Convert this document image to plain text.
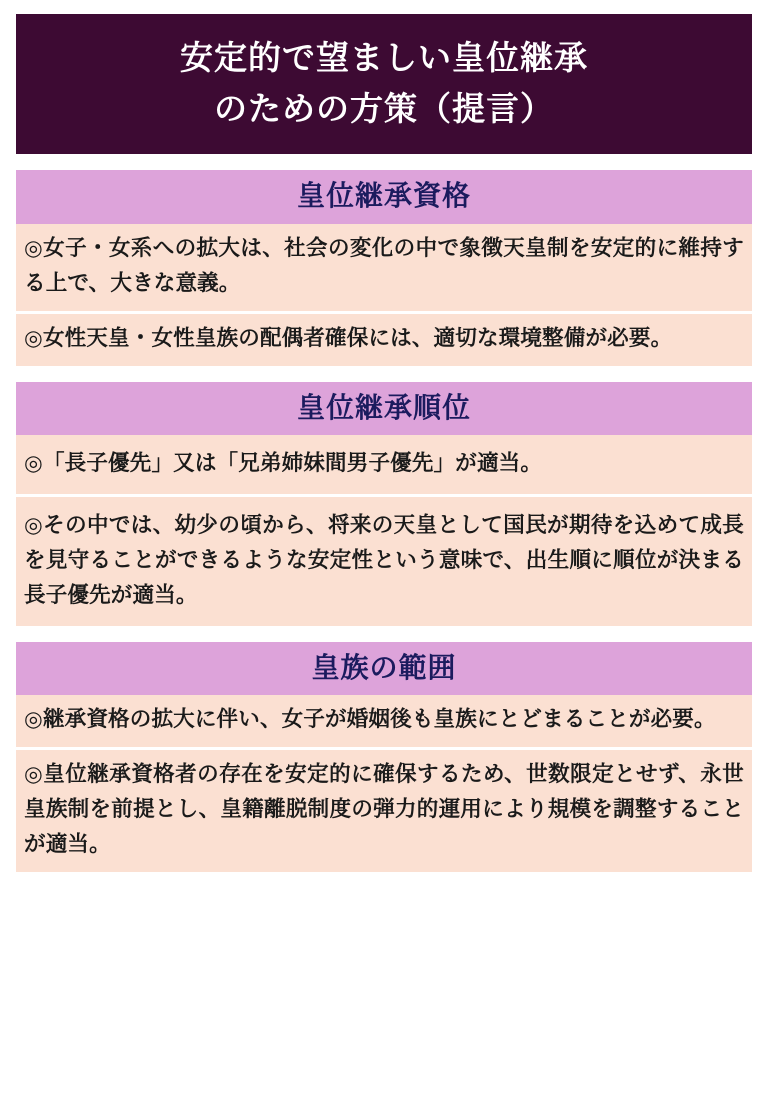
安定的で望ましい皇位継承
のための方策（提言）
皇位継承資格
◎女子・女系への拡大は、社会の変化の中で象徴天皇制を安定的に維持する上で、大きな意義。
◎女性天皇・女性皇族の配偶者確保には、適切な環境整備が必要。
皇位継承順位
◎「長子優先」又は「兄弟姉妹間男子優先」が適当。
◎その中では、幼少の頃から、将来の天皇として国民が期待を込めて成長を見守ることができるような安定性という意味で、出生順に順位が決まる長子優先が適当。
皇族の範囲
◎継承資格の拡大に伴い、女子が婚姻後も皇族にとどまることが必要。
◎皇位継承資格者の存在を安定的に確保するため、世数限定とせず、永世皇族制を前提とし、皇籍離脱制度の弾力的運用により規模を調整することが適当。
